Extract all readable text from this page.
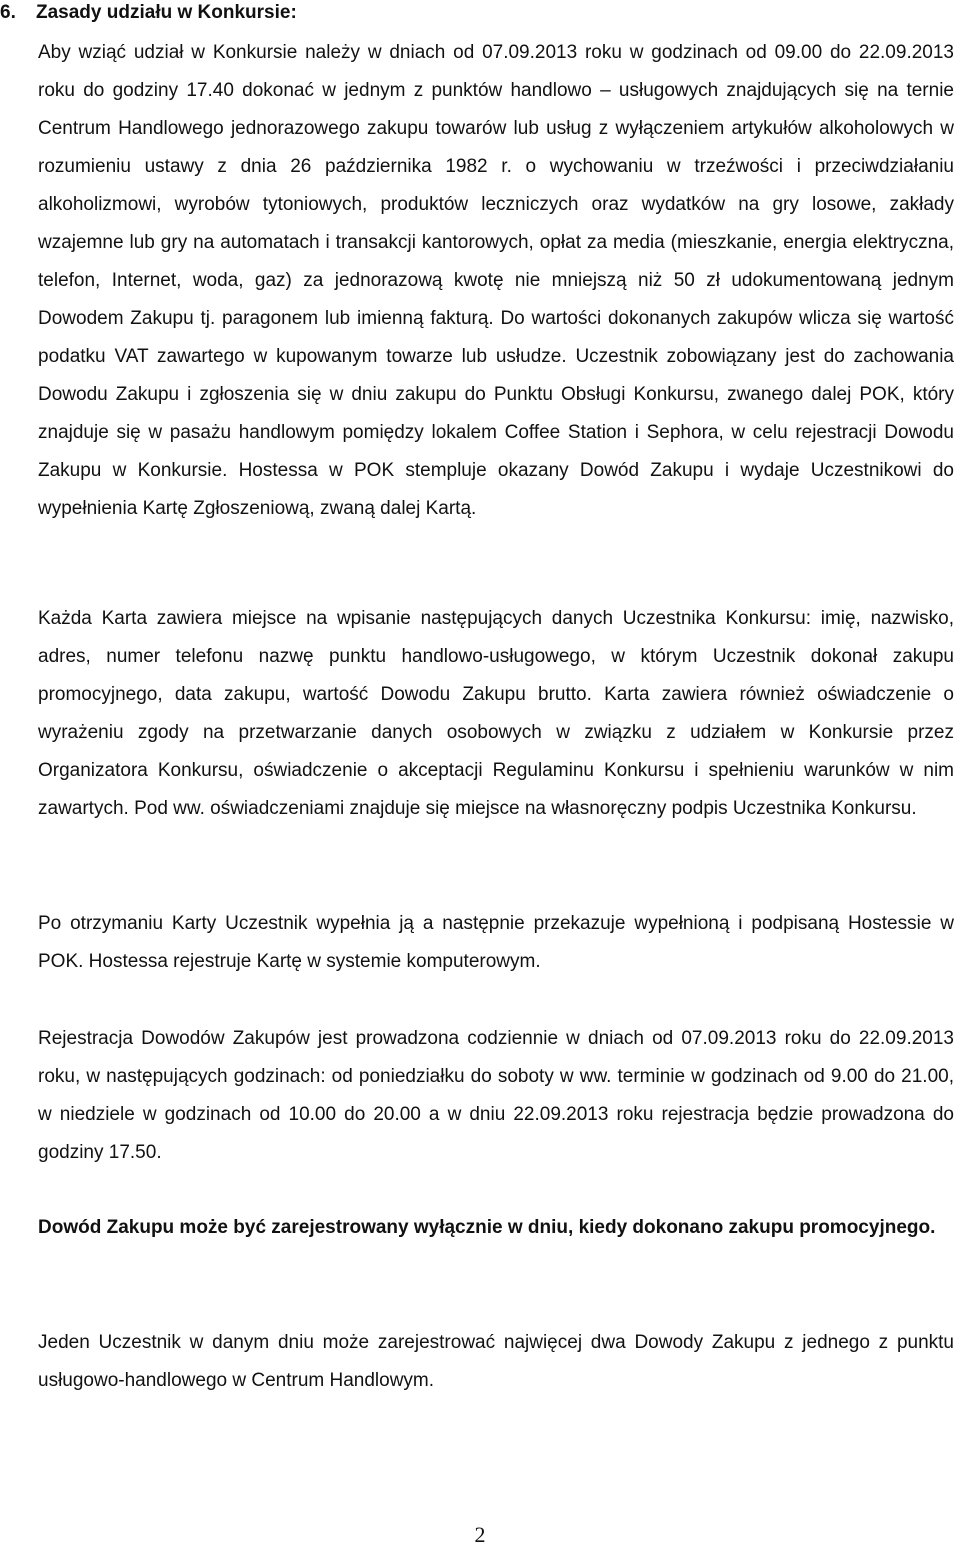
6. Zasady udziału w Konkursie:
Aby wziąć udział w Konkursie należy w dniach od 07.09.2013 roku w godzinach od 09.00 do 22.09.2013 roku do godziny 17.40 dokonać w jednym z punktów handlowo – usługowych znajdujących się na ternie Centrum Handlowego jednorazowego zakupu towarów lub usług z wyłączeniem artykułów alkoholowych w rozumieniu ustawy z dnia 26 października 1982 r. o wychowaniu w trzeźwości i przeciwdziałaniu alkoholizmowi, wyrobów tytoniowych, produktów leczniczych oraz wydatków na gry losowe, zakłady wzajemne lub gry na automatach i transakcji kantorowych, opłat za media (mieszkanie, energia elektryczna, telefon, Internet, woda, gaz) za jednorazową kwotę nie mniejszą niż 50 zł udokumentowaną jednym Dowodem Zakupu tj. paragonem lub imienną fakturą. Do wartości dokonanych zakupów wlicza się wartość podatku VAT zawartego w kupowanym towarze lub usłudze. Uczestnik zobowiązany jest do zachowania Dowodu Zakupu i zgłoszenia się w dniu zakupu do Punktu Obsługi Konkursu, zwanego dalej POK, który znajduje się w pasażu handlowym pomiędzy lokalem Coffee Station i Sephora, w celu rejestracji Dowodu Zakupu w Konkursie. Hostessa w POK stempluje okazany Dowód Zakupu i wydaje Uczestnikowi do wypełnienia Kartę Zgłoszeniową, zwaną dalej Kartą.
Każda Karta zawiera miejsce na wpisanie następujących danych Uczestnika Konkursu: imię, nazwisko, adres, numer telefonu nazwę punktu handlowo-usługowego, w którym Uczestnik dokonał zakupu promocyjnego, data zakupu, wartość Dowodu Zakupu brutto. Karta zawiera również oświadczenie o wyrażeniu zgody na przetwarzanie danych osobowych w związku z udziałem w Konkursie przez Organizatora Konkursu, oświadczenie o akceptacji Regulaminu Konkursu i spełnieniu warunków w nim zawartych. Pod ww. oświadczeniami znajduje się miejsce na własnoręczny podpis Uczestnika Konkursu.
Po otrzymaniu Karty Uczestnik wypełnia ją a następnie przekazuje wypełnioną i podpisaną Hostessie w POK. Hostessa rejestruje Kartę w systemie komputerowym.
Rejestracja Dowodów Zakupów jest prowadzona codziennie w dniach od 07.09.2013 roku do 22.09.2013 roku, w następujących godzinach: od poniedziałku do soboty w ww. terminie w godzinach od 9.00 do 21.00, w niedziele w godzinach od 10.00 do 20.00 a w dniu 22.09.2013 roku rejestracja będzie prowadzona do godziny 17.50.
Dowód Zakupu może być zarejestrowany wyłącznie w dniu, kiedy dokonano zakupu promocyjnego.
Jeden Uczestnik w danym dniu może zarejestrować najwięcej dwa Dowody Zakupu z jednego z punktu usługowo-handlowego w Centrum Handlowym.
2
